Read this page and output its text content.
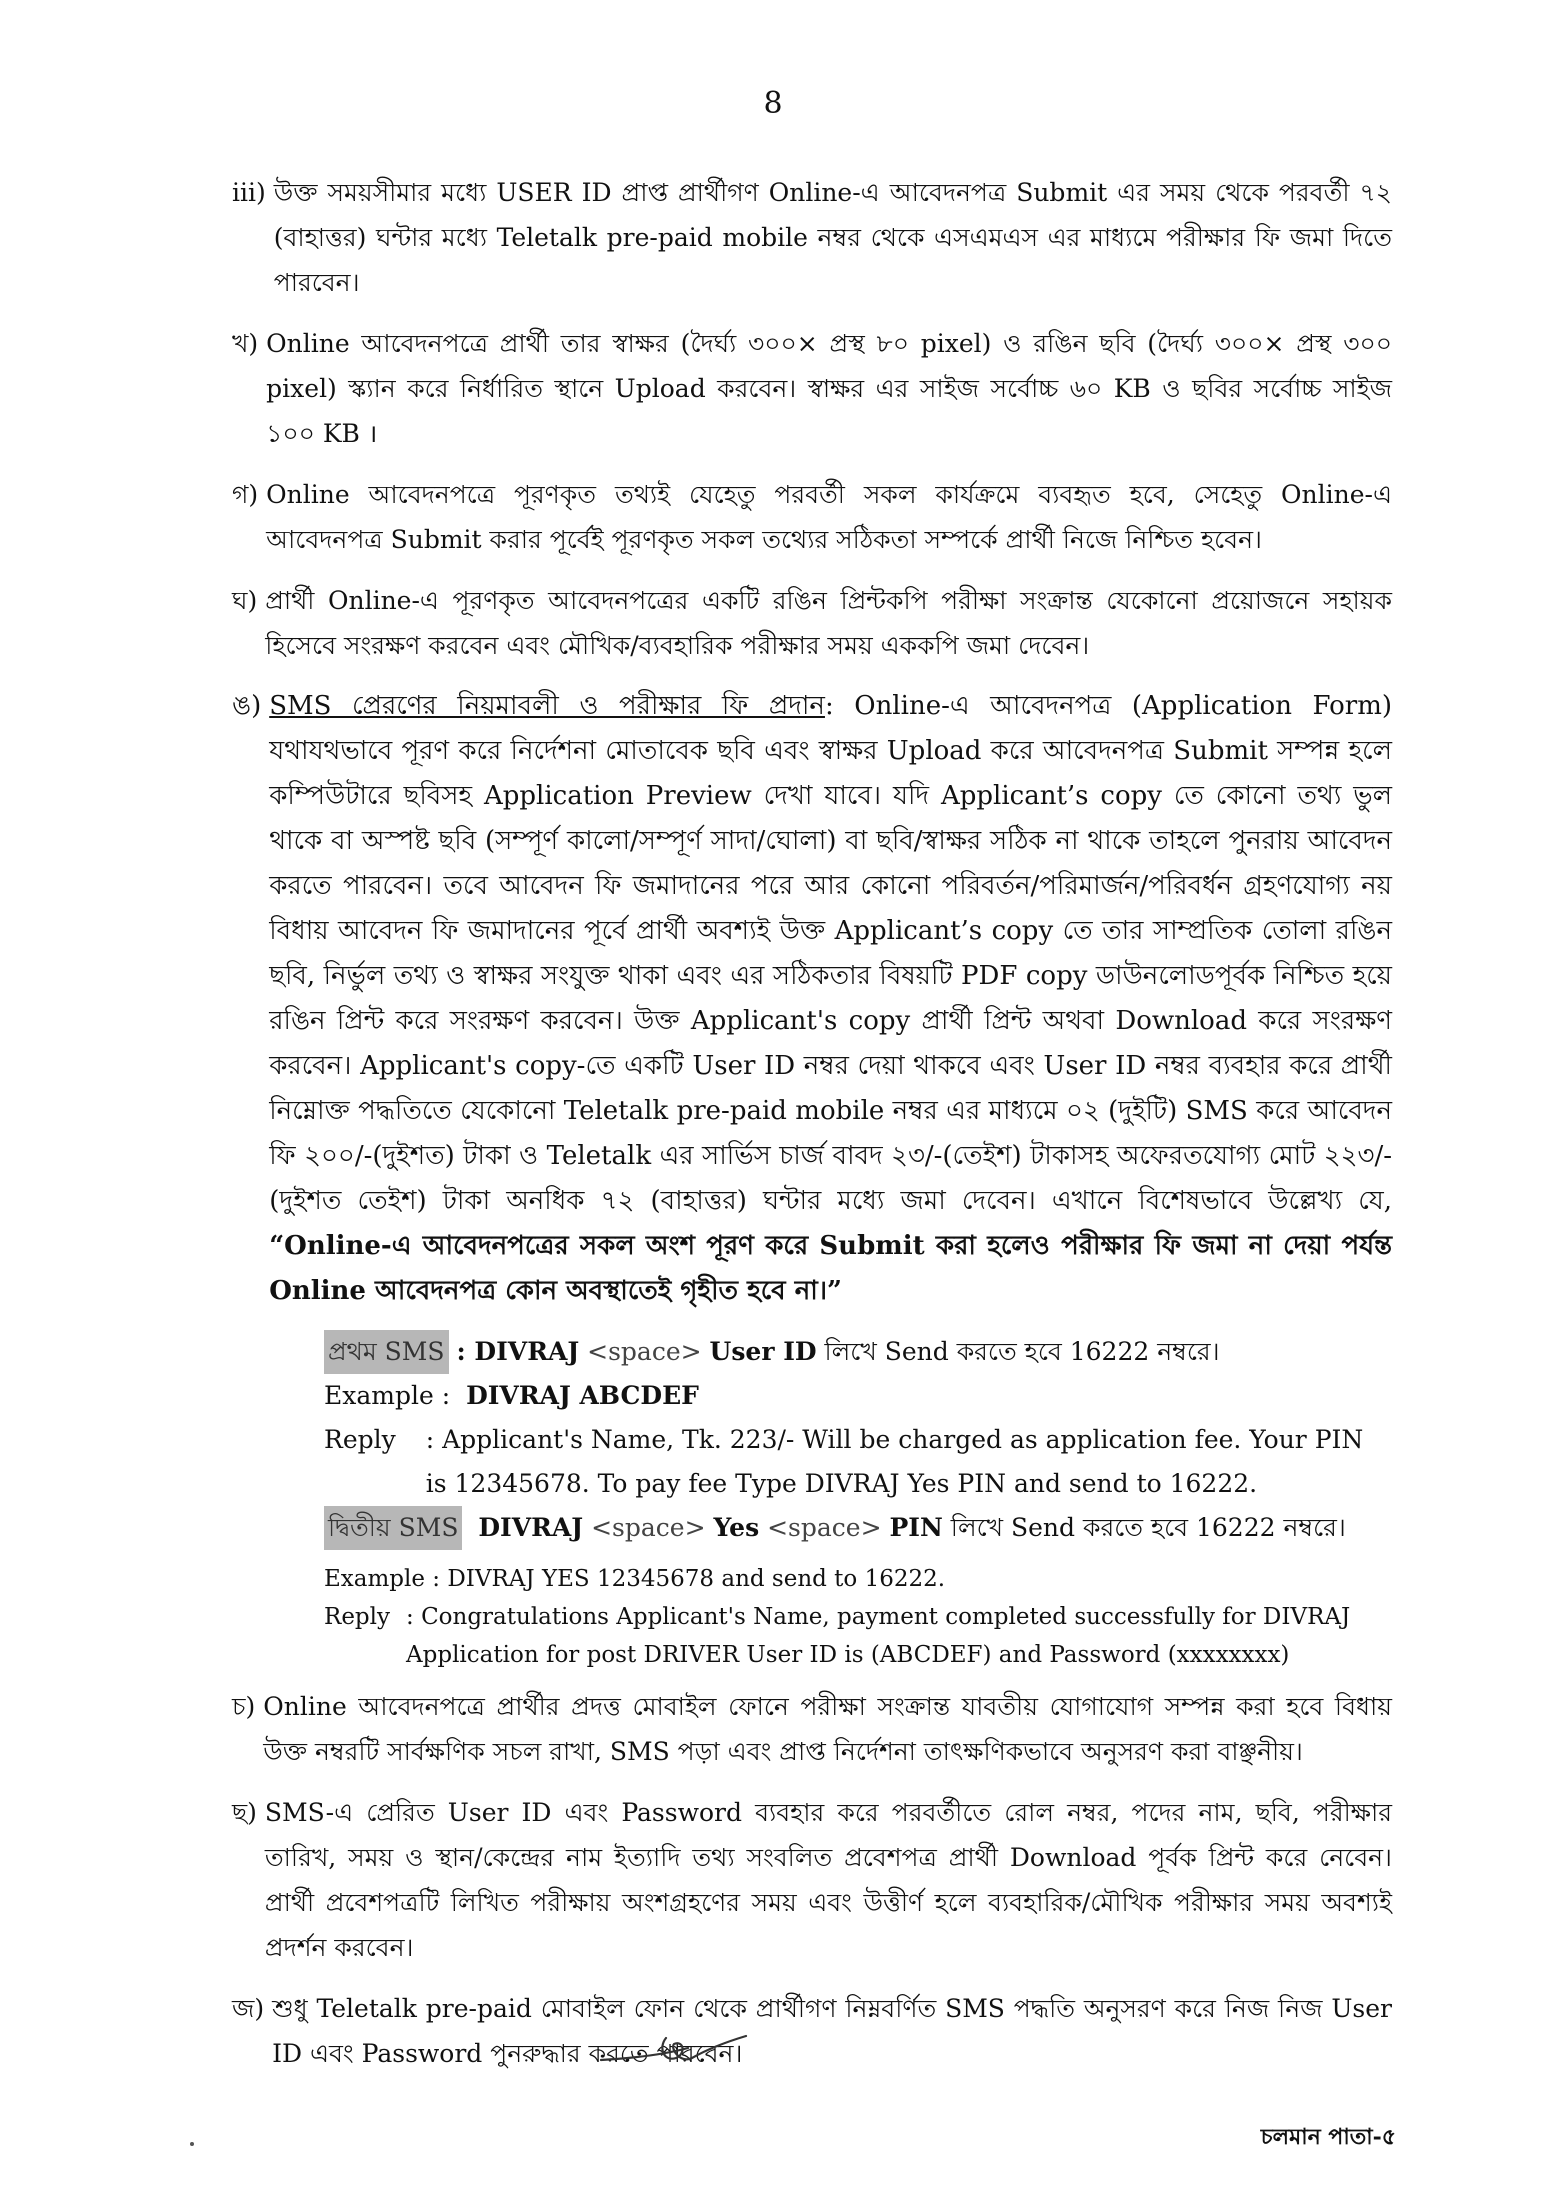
8
iii) উক্ত সময়সীমার মধ্যে USER ID প্রাপ্ত প্রার্থীগণ Online-এ আবেদনপত্র Submit এর সময় থেকে পরবর্তী ৭২ (বাহাত্তর) ঘন্টার মধ্যে Teletalk pre-paid mobile নম্বর থেকে এসএমএস এর মাধ্যমে পরীক্ষার ফি জমা দিতে পারবেন।
খ) Online আবেদনপত্রে প্রার্থী তার স্বাক্ষর (দৈর্ঘ্য ৩০০× প্রস্থ ৮০ pixel) ও রঙিন ছবি (দৈর্ঘ্য ৩০০× প্রস্থ ৩০০ pixel) স্ক্যান করে নির্ধারিত স্থানে Upload করবেন। স্বাক্ষর এর সাইজ সর্বোচ্চ ৬০ KB ও ছবির সর্বোচ্চ সাইজ ১০০ KB ।
গ) Online আবেদনপত্রে পূরণকৃত তথ্যই যেহেতু পরবর্তী সকল কার্যক্রমে ব্যবহৃত হবে, সেহেতু Online-এ আবেদনপত্র Submit করার পূর্বেই পূরণকৃত সকল তথ্যের সঠিকতা সম্পর্কে প্রার্থী নিজে নিশ্চিত হবেন।
ঘ) প্রার্থী Online-এ পূরণকৃত আবেদনপত্রের একটি রঙিন প্রিন্টকপি পরীক্ষা সংক্রান্ত যেকোনো প্রয়োজনে সহায়ক হিসেবে সংরক্ষণ করবেন এবং মৌখিক/ব্যবহারিক পরীক্ষার সময় এককপি জমা দেবেন।
ঙ) SMS প্রেরণের নিয়মাবলী ও পরীক্ষার ফি প্রদান: Online-এ আবেদনপত্র (Application Form) যথাযথভাবে পূরণ করে নির্দেশনা মোতাবেক ছবি এবং স্বাক্ষর Upload করে আবেদনপত্র Submit সম্পন্ন হলে কম্পিউটারে ছবিসহ Application Preview দেখা যাবে। যদি Applicant’s copy তে কোনো তথ্য ভুল থাকে বা অস্পষ্ট ছবি (সম্পূর্ণ কালো/সম্পূর্ণ সাদা/ঘোলা) বা ছবি/স্বাক্ষর সঠিক না থাকে তাহলে পুনরায় আবেদন করতে পারবেন। তবে আবেদন ফি জমাদানের পরে আর কোনো পরিবর্তন/পরিমার্জন/পরিবর্ধন গ্রহণযোগ্য নয় বিধায় আবেদন ফি জমাদানের পূর্বে প্রার্থী অবশ্যই উক্ত Applicant’s copy তে তার সাম্প্রতিক তোলা রঙিন ছবি, নির্ভুল তথ্য ও স্বাক্ষর সংযুক্ত থাকা এবং এর সঠিকতার বিষয়টি PDF copy ডাউনলোডপূর্বক নিশ্চিত হয়ে রঙিন প্রিন্ট করে সংরক্ষণ করবেন। উক্ত Applicant's copy প্রার্থী প্রিন্ট অথবা Download করে সংরক্ষণ করবেন। Applicant's copy-তে একটি User ID নম্বর দেয়া থাকবে এবং User ID নম্বর ব্যবহার করে প্রার্থী নিম্নোক্ত পদ্ধতিতে যেকোনো Teletalk pre-paid mobile নম্বর এর মাধ্যমে ০২ (দুইটি) SMS করে আবেদন ফি ২০০/-(দুইশত) টাকা ও Teletalk এর সার্ভিস চার্জ বাবদ ২৩/-(তেইশ) টাকাসহ অফেরতযোগ্য মোট ২২৩/-(দুইশত তেইশ) টাকা অনধিক ৭২ (বাহাত্তর) ঘন্টার মধ্যে জমা দেবেন। এখানে বিশেষভাবে উল্লেখ্য যে, “Online-এ আবেদনপত্রের সকল অংশ পূরণ করে Submit করা হলেও পরীক্ষার ফি জমা না দেয়া পর্যন্ত Online আবেদনপত্র কোন অবস্থাতেই গৃহীত হবে না।”
প্রথম SMS
: DIVRAJ
<space>
User ID
লিখে Send করতে হবে 16222 নম্বরে।
Example
:
DIVRAJ ABCDEF
Reply : Applicant's Name, Tk. 223/- Will be charged as application fee. Your PIN is 12345678. To pay fee Type DIVRAJ Yes PIN and send to 16222.
দ্বিতীয় SMS
DIVRAJ
<space>
Yes
<space>
PIN
লিখে Send করতে হবে 16222 নম্বরে।
Example : DIVRAJ YES 12345678 and send to 16222.
Reply : Congratulations Applicant's Name, payment completed successfully for DIVRAJ Application for post DRIVER User ID is (ABCDEF) and Password (xxxxxxxx)
চ) Online আবেদনপত্রে প্রার্থীর প্রদত্ত মোবাইল ফোনে পরীক্ষা সংক্রান্ত যাবতীয় যোগাযোগ সম্পন্ন করা হবে বিধায় উক্ত নম্বরটি সার্বক্ষণিক সচল রাখা, SMS পড়া এবং প্রাপ্ত নির্দেশনা তাৎক্ষণিকভাবে অনুসরণ করা বাঞ্ছনীয়।
ছ) SMS-এ প্রেরিত User ID এবং Password ব্যবহার করে পরবর্তীতে রোল নম্বর, পদের নাম, ছবি, পরীক্ষার তারিখ, সময় ও স্থান/কেন্দ্রের নাম ইত্যাদি তথ্য সংবলিত প্রবেশপত্র প্রার্থী Download পূর্বক প্রিন্ট করে নেবেন। প্রার্থী প্রবেশপত্রটি লিখিত পরীক্ষায় অংশগ্রহণের সময় এবং উত্তীর্ণ হলে ব্যবহারিক/মৌখিক পরীক্ষার সময় অবশ্যই প্রদর্শন করবেন।
জ) শুধু Teletalk pre-paid মোবাইল ফোন থেকে প্রার্থীগণ নিম্নবর্ণিত SMS পদ্ধতি অনুসরণ করে নিজ নিজ User ID এবং Password পুনরুদ্ধার করতে পারবেন।
চলমান পাতা-৫
